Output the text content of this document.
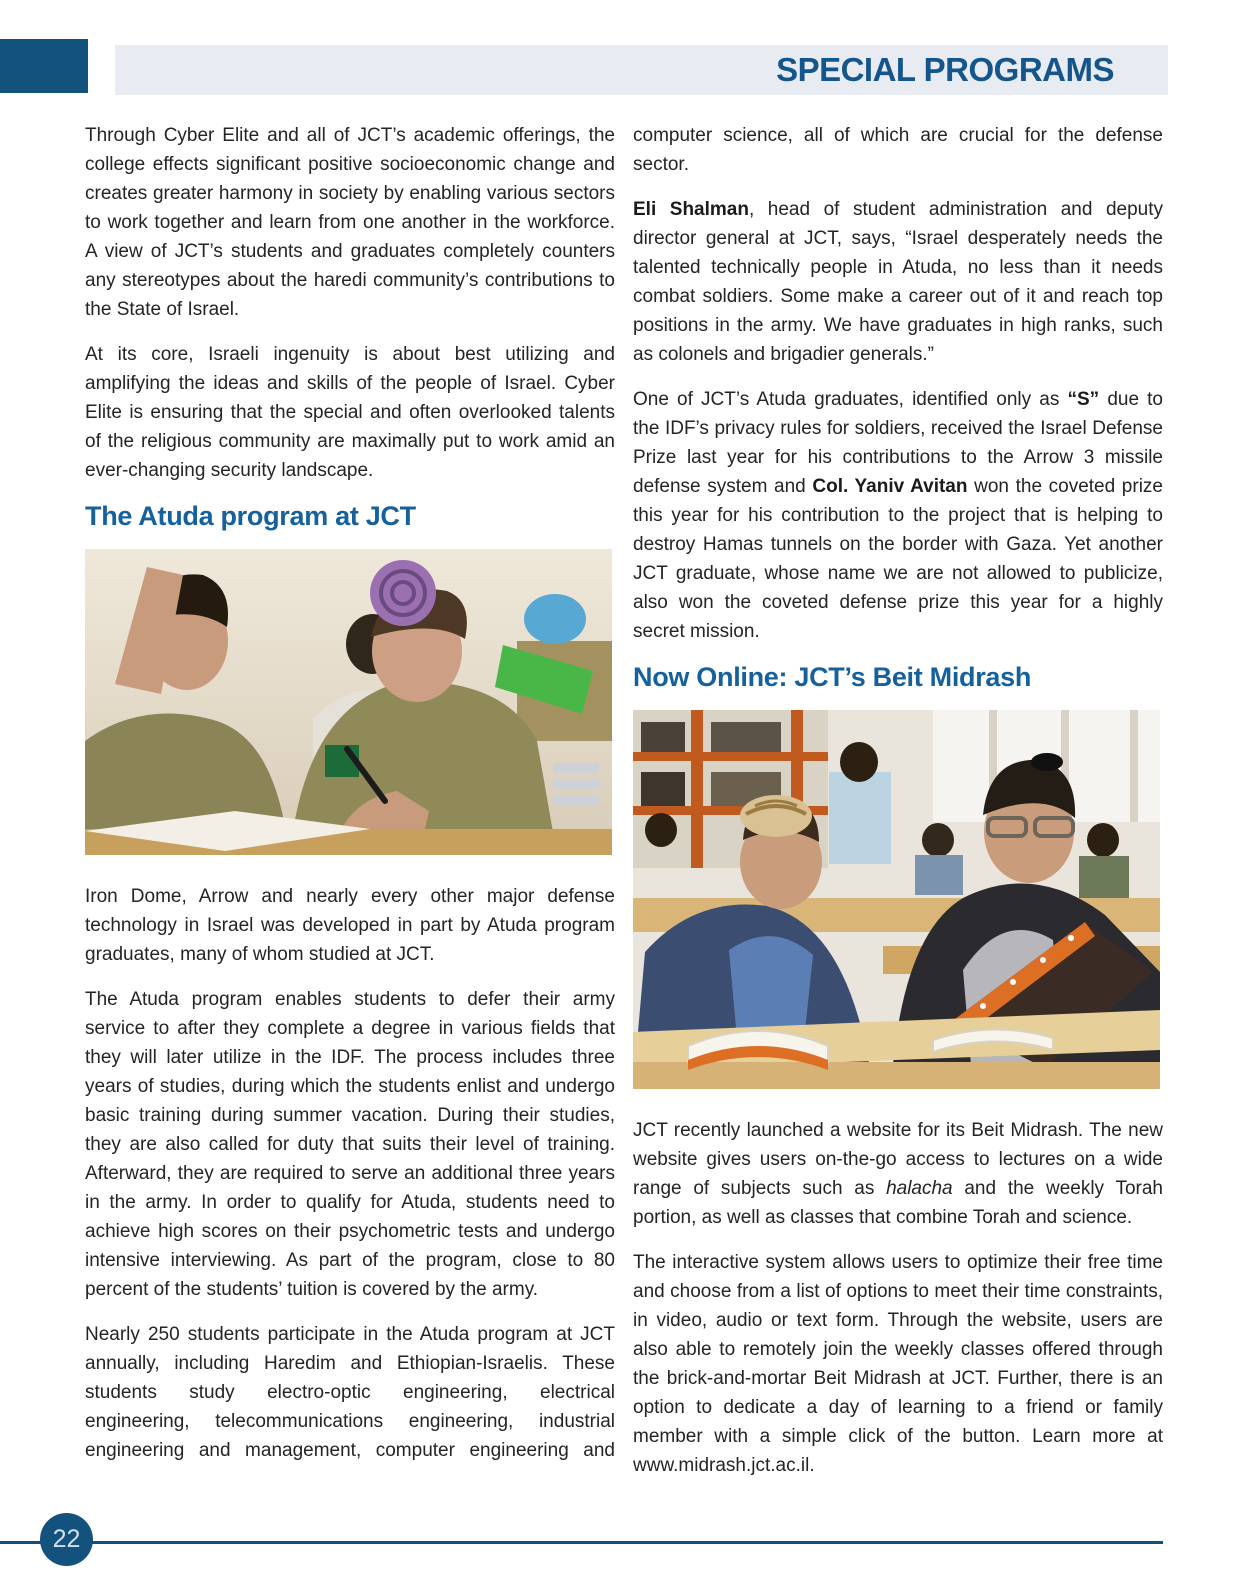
SPECIAL PROGRAMS

Through Cyber Elite and all of JCT’s academic offerings, the college effects significant positive socioeconomic change and creates greater harmony in society by enabling various sectors to work together and learn from one another in the workforce. A view of JCT’s students and graduates completely counters any stereotypes about the haredi community’s contributions to the State of Israel.

At its core, Israeli ingenuity is about best utilizing and amplifying the ideas and skills of the people of Israel. Cyber Elite is ensuring that the special and often overlooked talents of the religious community are maximally put to work amid an ever-changing security landscape.

The Atuda program at JCT

Iron Dome, Arrow and nearly every other major defense technology in Israel was developed in part by Atuda program graduates, many of whom studied at JCT.

The Atuda program enables students to defer their army service to after they complete a degree in various fields that they will later utilize in the IDF. The process includes three years of studies, during which the students enlist and undergo basic training during summer vacation. During their studies, they are also called for duty that suits their level of training. Afterward, they are required to serve an additional three years in the army. In order to qualify for Atuda, students need to achieve high scores on their psychometric tests and undergo intensive interviewing. As part of the program, close to 80 percent of the students’ tuition is covered by the army.

Nearly 250 students participate in the Atuda program at JCT annually, including Haredim and Ethiopian-Israelis. These students study electro-optic engineering, electrical engineering, telecommunications engineering, industrial engineering and management, computer engineering and

computer science, all of which are crucial for the defense sector.

Eli Shalman, head of student administration and deputy director general at JCT, says, “Israel desperately needs the talented technically people in Atuda, no less than it needs combat soldiers. Some make a career out of it and reach top positions in the army. We have graduates in high ranks, such as colonels and brigadier generals.”

One of JCT’s Atuda graduates, identified only as “S” due to the IDF’s privacy rules for soldiers, received the Israel Defense Prize last year for his contributions to the Arrow 3 missile defense system and Col. Yaniv Avitan won the coveted prize this year for his contribution to the project that is helping to destroy Hamas tunnels on the border with Gaza. Yet another JCT graduate, whose name we are not allowed to publicize, also won the coveted defense prize this year for a highly secret mission.

Now Online: JCT’s Beit Midrash

JCT recently launched a website for its Beit Midrash. The new website gives users on-the-go access to lectures on a wide range of subjects such as halacha and the weekly Torah portion, as well as classes that combine Torah and science.

The interactive system allows users to optimize their free time and choose from a list of options to meet their time constraints, in video, audio or text form. Through the website, users are also able to remotely join the weekly classes offered through the brick-and-mortar Beit Midrash at JCT. Further, there is an option to dedicate a day of learning to a friend or family member with a simple click of the button. Learn more at www.midrash.jct.ac.il.

22
